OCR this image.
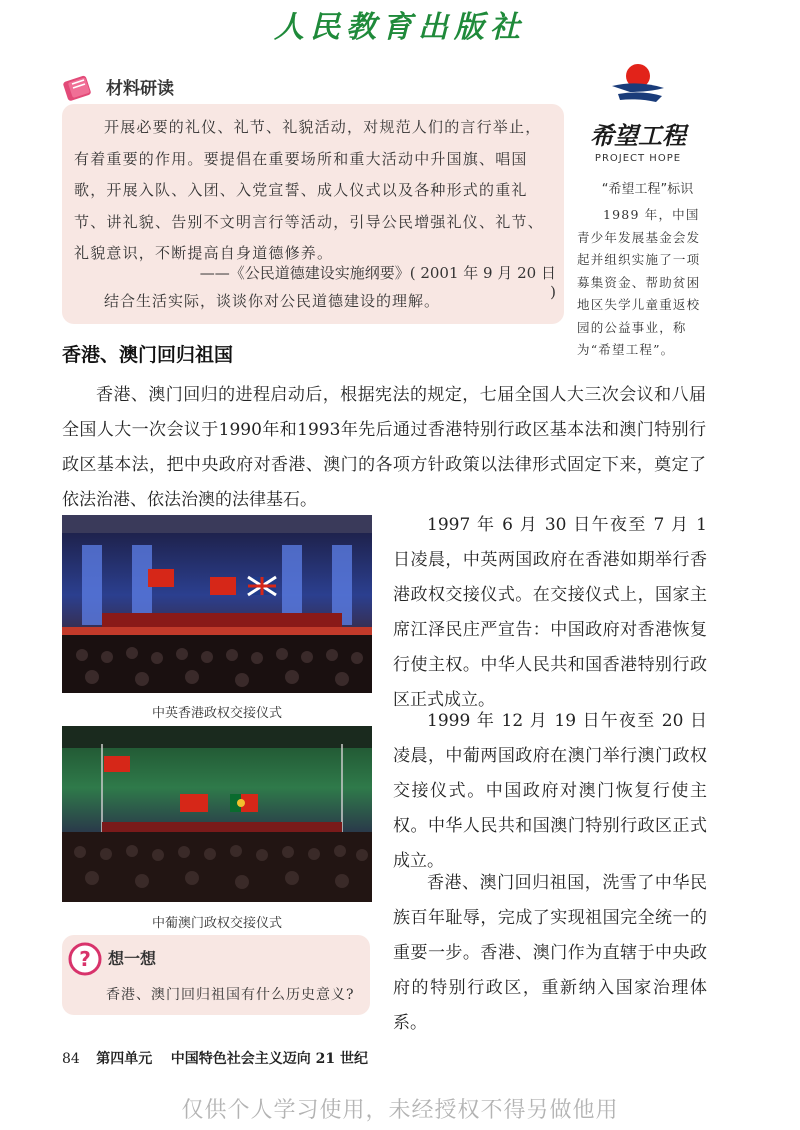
人民教育出版社
材料研读
开展必要的礼仪、礼节、礼貌活动，对规范人们的言行举止，有着重要的作用。要提倡在重要场所和重大活动中升国旗、唱国歌，开展入队、入团、入党宣誓、成人仪式以及各种形式的重礼节、讲礼貌、告别不文明言行等活动，引导公民增强礼仪、礼节、礼貌意识，不断提高自身道德修养。
——《公民道德建设实施纲要》( 2001 年 9 月 20 日 )
结合生活实际，谈谈你对公民道德建设的理解。
希望工程
PROJECT HOPE
“希望工程”标识
1989 年，中国青少年发展基金会发起并组织实施了一项募集资金、帮助贫困地区失学儿童重返校园的公益事业，称为“希望工程”。
香港、澳门回归祖国
香港、澳门回归的进程启动后，根据宪法的规定，七届全国人大三次会议和八届全国人大一次会议于1990年和1993年先后通过香港特别行政区基本法和澳门特别行政区基本法，把中央政府对香港、澳门的各项方针政策以法律形式固定下来，奠定了依法治港、依法治澳的法律基石。
中英香港政权交接仪式
中葡澳门政权交接仪式
1997 年 6 月 30 日午夜至 7 月 1 日凌晨，中英两国政府在香港如期举行香港政权交接仪式。在交接仪式上，国家主席江泽民庄严宣告：中国政府对香港恢复行使主权。中华人民共和国香港特别行政区正式成立。
1999 年 12 月 19 日午夜至 20 日凌晨，中葡两国政府在澳门举行澳门政权交接仪式。中国政府对澳门恢复行使主权。中华人民共和国澳门特别行政区正式成立。
香港、澳门回归祖国，洗雪了中华民族百年耻辱，完成了实现祖国完全统一的重要一步。香港、澳门作为直辖于中央政府的特别行政区，重新纳入国家治理体系。
? 想一想
香港、澳门回归祖国有什么历史意义?
84 第四单元 中国特色社会主义迈向 21 世纪
仅供个人学习使用，未经授权不得另做他用
